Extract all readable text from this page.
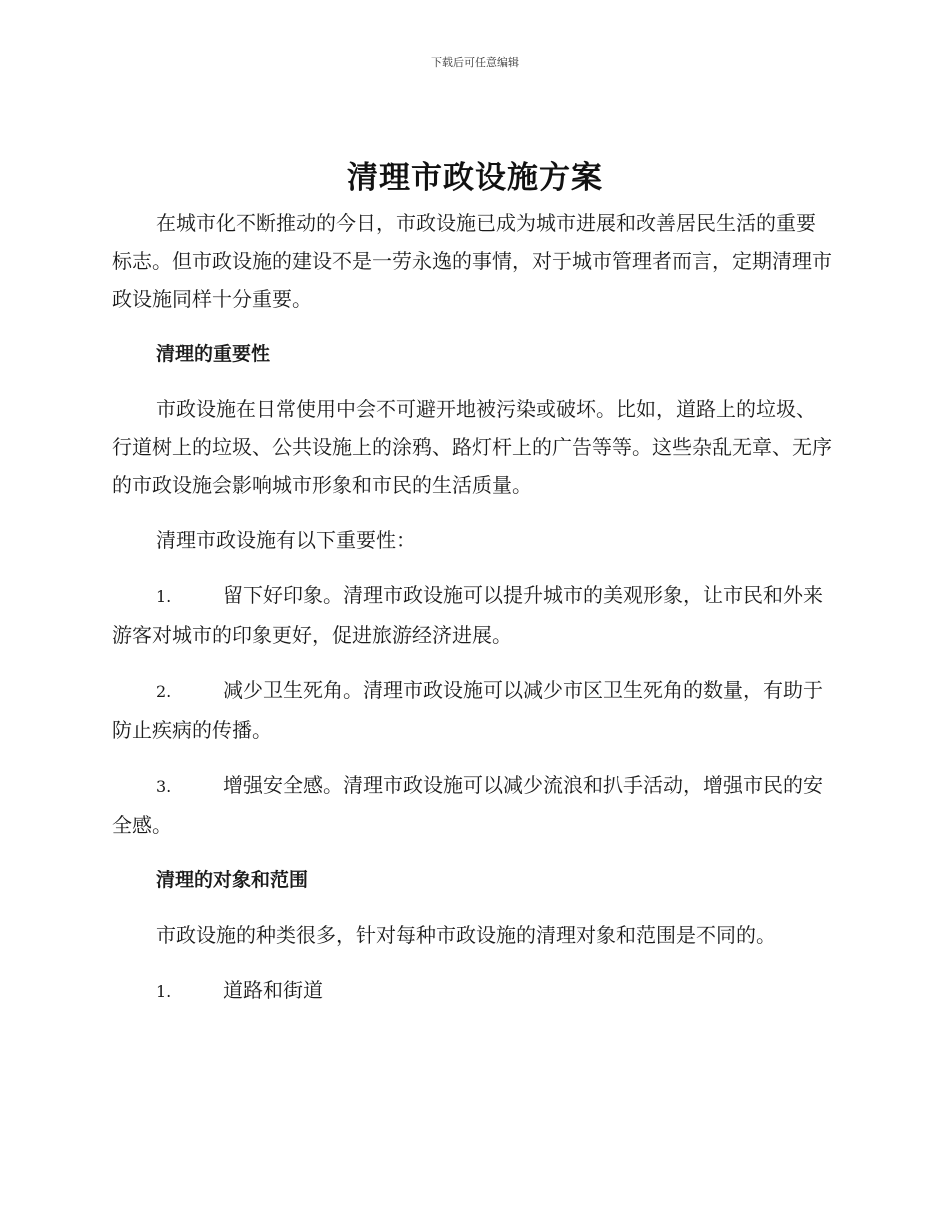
下载后可任意编辑
清理市政设施方案

在城市化不断推动的今日，市政设施已成为城市进展和改善居民生活的重要标志。但市政设施的建设不是一劳永逸的事情，对于城市管理者而言，定期清理市政设施同样十分重要。

清理的重要性

市政设施在日常使用中会不可避开地被污染或破坏。比如，道路上的垃圾、行道树上的垃圾、公共设施上的涂鸦、路灯杆上的广告等等。这些杂乱无章、无序的市政设施会影响城市形象和市民的生活质量。

清理市政设施有以下重要性：

1.	留下好印象。清理市政设施可以提升城市的美观形象，让市民和外来游客对城市的印象更好，促进旅游经济进展。

2.	减少卫生死角。清理市政设施可以减少市区卫生死角的数量，有助于防止疾病的传播。

3.	增强安全感。清理市政设施可以减少流浪和扒手活动，增强市民的安全感。

清理的对象和范围

市政设施的种类很多，针对每种市政设施的清理对象和范围是不同的。

1.	道路和街道
